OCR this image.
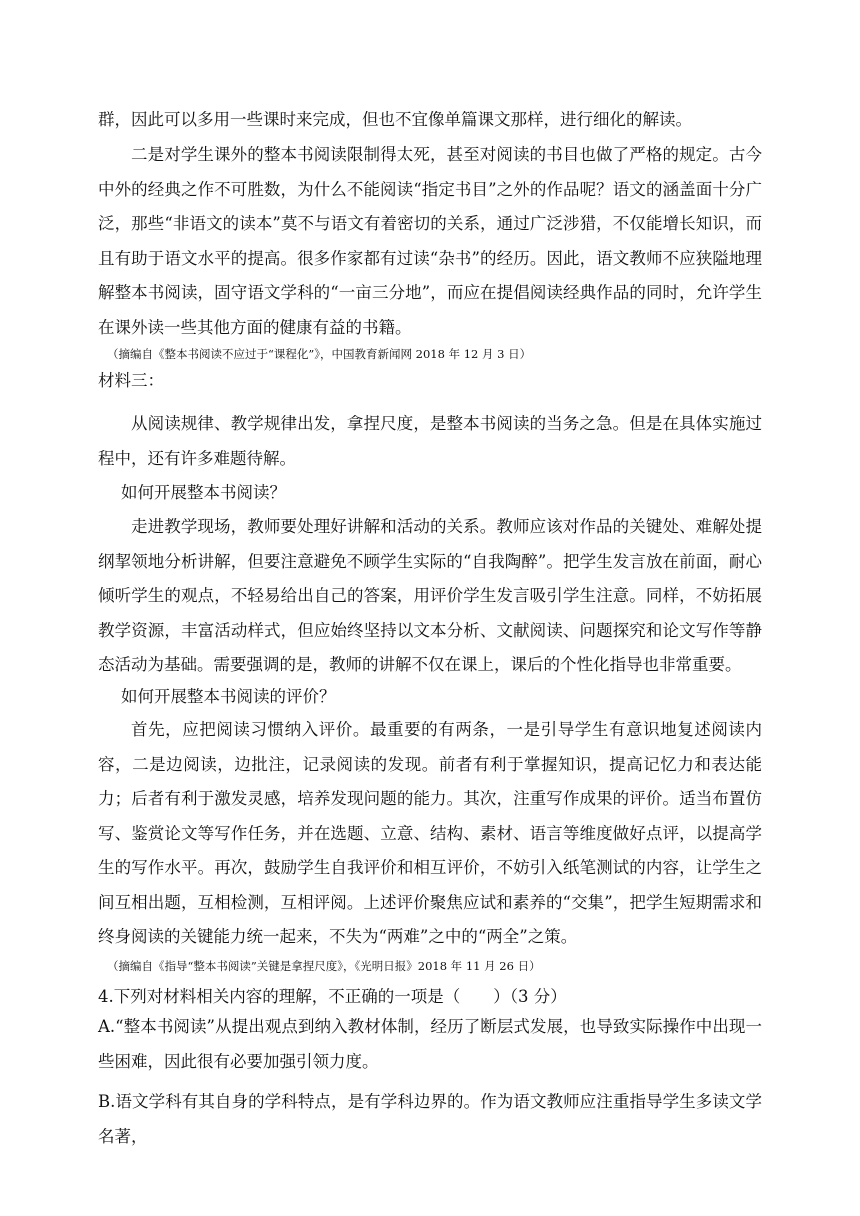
群，因此可以多用一些课时来完成，但也不宜像单篇课文那样，进行细化的解读。

二是对学生课外的整本书阅读限制得太死，甚至对阅读的书目也做了严格的规定。古今中外的经典之作不可胜数，为什么不能阅读“指定书目”之外的作品呢？语文的涵盖面十分广泛，那些“非语文的读本”莫不与语文有着密切的关系，通过广泛涉猎，不仅能增长知识，而且有助于语文水平的提高。很多作家都有过读“杂书”的经历。因此，语文教师不应狭隘地理解整本书阅读，固守语文学科的“一亩三分地”，而应在提倡阅读经典作品的同时，允许学生在课外读一些其他方面的健康有益的书籍。

（摘编自《整本书阅读不应过于“课程化”》，中国教育新闻网 2018 年 12 月 3 日）

材料三：

从阅读规律、教学规律出发，拿捏尺度，是整本书阅读的当务之急。但是在具体实施过程中，还有许多难题待解。

如何开展整本书阅读？

走进教学现场，教师要处理好讲解和活动的关系。教师应该对作品的关键处、难解处提纲挈领地分析讲解，但要注意避免不顾学生实际的“自我陶醉”。把学生发言放在前面，耐心倾听学生的观点，不轻易给出自己的答案，用评价学生发言吸引学生注意。同样，不妨拓展教学资源，丰富活动样式，但应始终坚持以文本分析、文献阅读、问题探究和论文写作等静态活动为基础。需要强调的是，教师的讲解不仅在课上，课后的个性化指导也非常重要。

如何开展整本书阅读的评价？

首先，应把阅读习惯纳入评价。最重要的有两条，一是引导学生有意识地复述阅读内容，二是边阅读，边批注，记录阅读的发现。前者有利于掌握知识，提高记忆力和表达能力；后者有利于激发灵感，培养发现问题的能力。其次，注重写作成果的评价。适当布置仿写、鉴赏论文等写作任务，并在选题、立意、结构、素材、语言等维度做好点评，以提高学生的写作水平。再次，鼓励学生自我评价和相互评价，不妨引入纸笔测试的内容，让学生之间互相出题，互相检测，互相评阅。上述评价聚焦应试和素养的“交集”，把学生短期需求和终身阅读的关键能力统一起来，不失为“两难”之中的“两全”之策。

（摘编自《指导“整本书阅读”关键是拿捏尺度》，《光明日报》2018 年 11 月 26 日）

4.下列对材料相关内容的理解，不正确的一项是（　　）（3 分）

A.“整本书阅读”从提出观点到纳入教材体制，经历了断层式发展，也导致实际操作中出现一些困难，因此很有必要加强引领力度。

B.语文学科有其自身的学科特点，是有学科边界的。作为语文教师应注重指导学生多读文学名著，
